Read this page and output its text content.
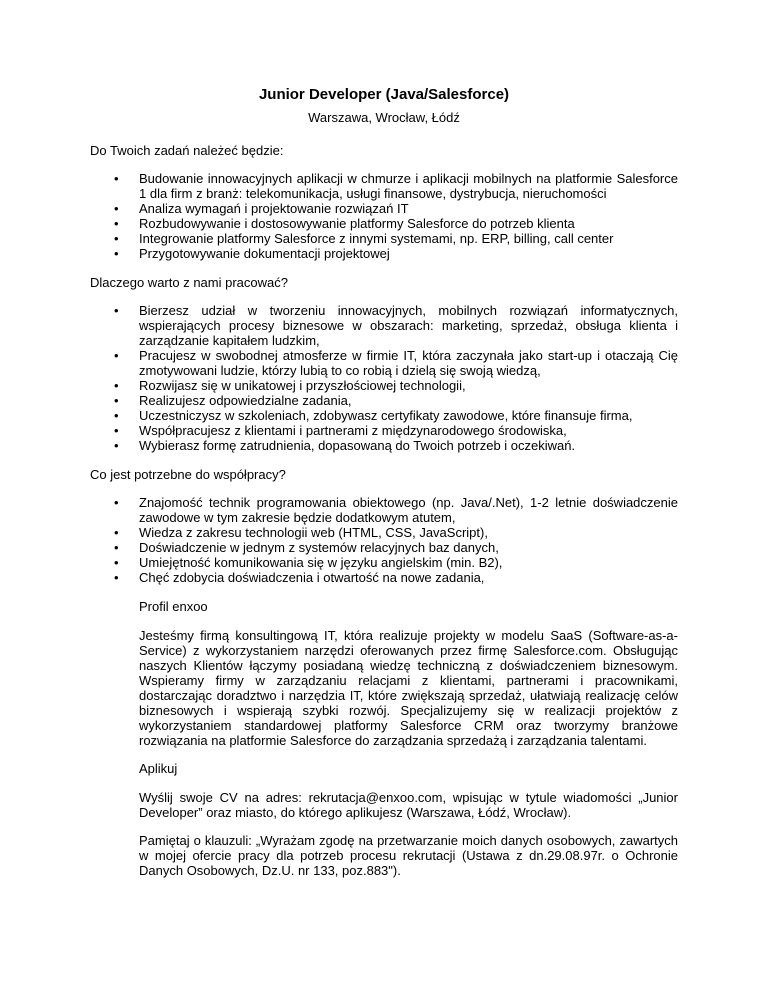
Junior Developer (Java/Salesforce)
Warszawa, Wrocław, Łódź
Do Twoich zadań należeć będzie:
• Budowanie innowacyjnych aplikacji w chmurze i aplikacji mobilnych na platformie Salesforce 1 dla firm z branż: telekomunikacja, usługi finansowe, dystrybucja, nieruchomości
• Analiza wymagań i projektowanie rozwiązań IT
• Rozbudowywanie i dostosowywanie platformy Salesforce do potrzeb klienta
• Integrowanie platformy Salesforce z innymi systemami, np. ERP, billing, call center
• Przygotowywanie dokumentacji projektowej
Dlaczego warto z nami pracować?
• Bierzesz udział w tworzeniu innowacyjnych, mobilnych rozwiązań informatycznych, wspierających procesy biznesowe w obszarach: marketing, sprzedaż, obsługa klienta i zarządzanie kapitałem ludzkim,
• Pracujesz w swobodnej atmosferze w firmie IT, która zaczynała jako start-up i otaczają Cię zmotywowani ludzie, którzy lubią to co robią i dzielą się swoją wiedzą,
• Rozwijasz się w unikatowej i przyszłościowej technologii,
• Realizujesz odpowiedzialne zadania,
• Uczestniczysz w szkoleniach, zdobywasz certyfikaty zawodowe, które finansuje firma,
• Współpracujesz z klientami i partnerami z międzynarodowego środowiska,
• Wybierasz formę zatrudnienia, dopasowaną do Twoich potrzeb i oczekiwań.
Co jest potrzebne do współpracy?
• Znajomość technik programowania obiektowego (np. Java/.Net), 1-2 letnie doświadczenie zawodowe w tym zakresie będzie dodatkowym atutem,
• Wiedza z zakresu technologii web (HTML, CSS, JavaScript),
• Doświadczenie w jednym z systemów relacyjnych baz danych,
• Umiejętność komunikowania się w języku angielskim (min. B2),
• Chęć zdobycia doświadczenia i otwartość na nowe zadania,
Profil enxoo
Jesteśmy firmą konsultingową IT, która realizuje projekty w modelu SaaS (Software-as-a-Service) z wykorzystaniem narzędzi oferowanych przez firmę Salesforce.com. Obsługując naszych Klientów łączymy posiadaną wiedzę techniczną z doświadczeniem biznesowym. Wspieramy firmy w zarządzaniu relacjami z klientami, partnerami i pracownikami, dostarczając doradztwo i narzędzia IT, które zwiększają sprzedaż, ułatwiają realizację celów biznesowych i wspierają szybki rozwój. Specjalizujemy się w realizacji projektów z wykorzystaniem standardowej platformy Salesforce CRM oraz tworzymy branżowe rozwiązania na platformie Salesforce do zarządzania sprzedażą i zarządzania talentami.
Aplikuj
Wyślij swoje CV na adres: rekrutacja@enxoo.com, wpisując w tytule wiadomości „Junior Developer” oraz miasto, do którego aplikujesz (Warszawa, Łódź, Wrocław).
Pamiętaj o klauzuli: „Wyrażam zgodę na przetwarzanie moich danych osobowych, zawartych w mojej ofercie pracy dla potrzeb procesu rekrutacji (Ustawa z dn.29.08.97r. o Ochronie Danych Osobowych, Dz.U. nr 133, poz.883").
